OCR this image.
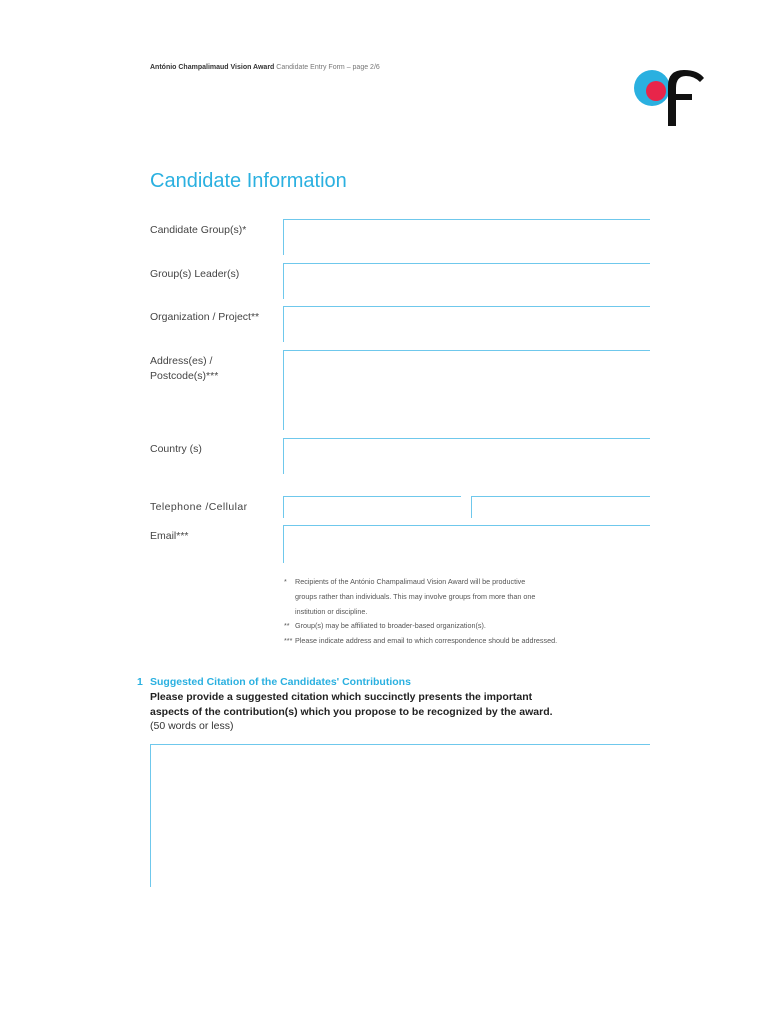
António Champalimaud Vision Award Candidate Entry Form – page 2/6
Candidate Information
Candidate Group(s)*
Group(s) Leader(s)
Organization / Project**
Address(es) /
Postcode(s)***
Country (s)
Telephone /Cellular
Email***
*	Recipients of the António Champalimaud Vision Award will be productive
groups rather than individuals. This may involve groups from more than one
institution or discipline.
** Group(s) may be affiliated to broader-based organization(s).
*** Please indicate address and email to which correspondence should be addressed.
1 Suggested Citation of the Candidates' Contributions
Please provide a suggested citation which succinctly presents the important
aspects of the contribution(s) which you propose to be recognized by the award.
(50 words or less)
